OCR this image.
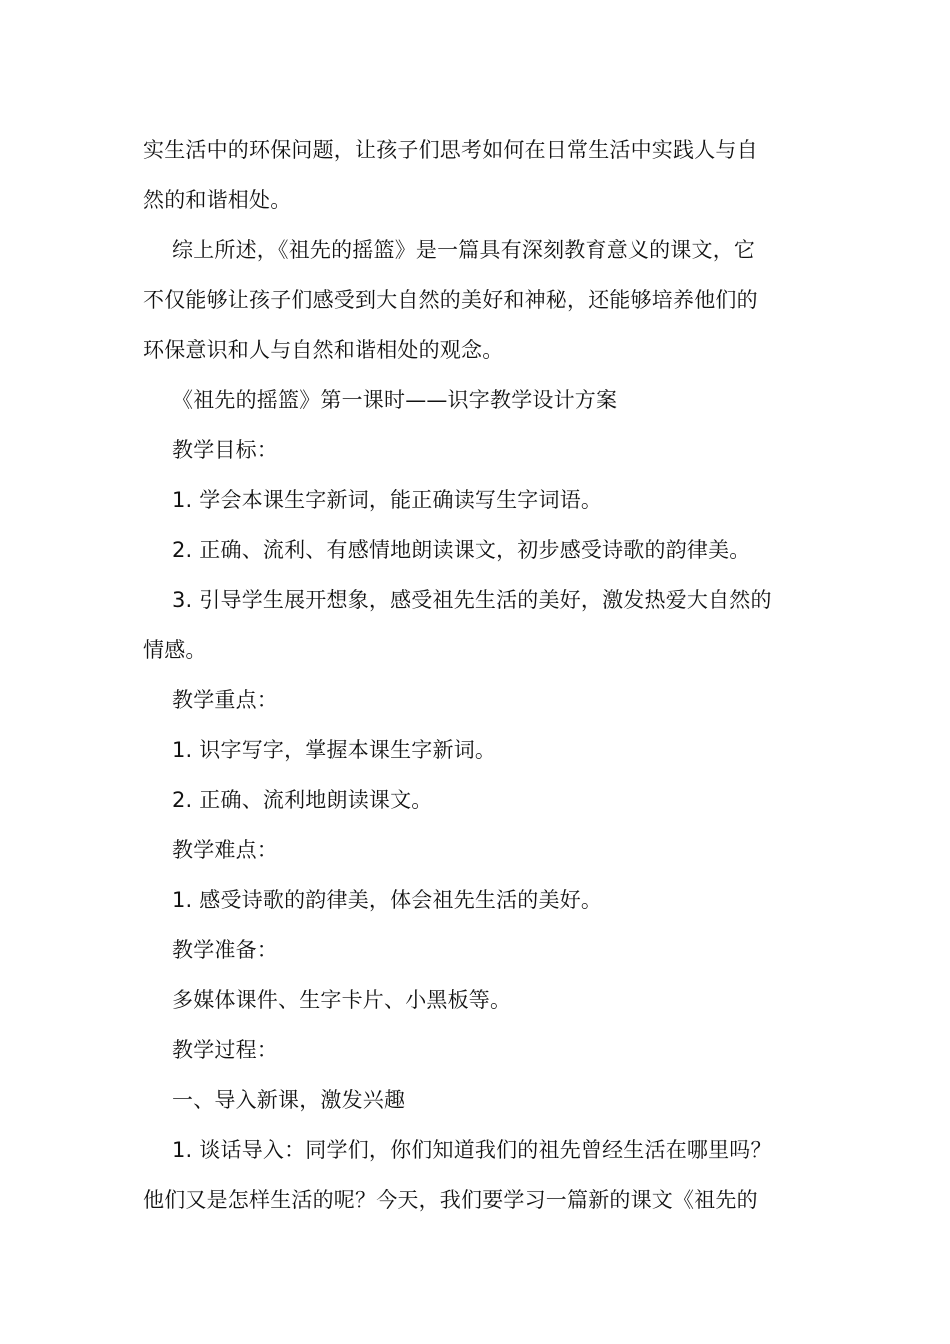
实生活中的环保问题，让孩子们思考如何在日常生活中实践人与自
然的和谐相处。
综上所述，《祖先的摇篮》是一篇具有深刻教育意义的课文，它
不仅能够让孩子们感受到大自然的美好和神秘，还能够培养他们的
环保意识和人与自然和谐相处的观念。
《祖先的摇篮》第一课时——识字教学设计方案
教学目标：
1. 学会本课生字新词，能正确读写生字词语。
2. 正确、流利、有感情地朗读课文，初步感受诗歌的韵律美。
3. 引导学生展开想象，感受祖先生活的美好，激发热爱大自然的
情感。
教学重点：
1. 识字写字，掌握本课生字新词。
2. 正确、流利地朗读课文。
教学难点：
1. 感受诗歌的韵律美，体会祖先生活的美好。
教学准备：
多媒体课件、生字卡片、小黑板等。
教学过程：
一、导入新课，激发兴趣
1. 谈话导入：同学们，你们知道我们的祖先曾经生活在哪里吗？
他们又是怎样生活的呢？今天，我们要学习一篇新的课文《祖先的
